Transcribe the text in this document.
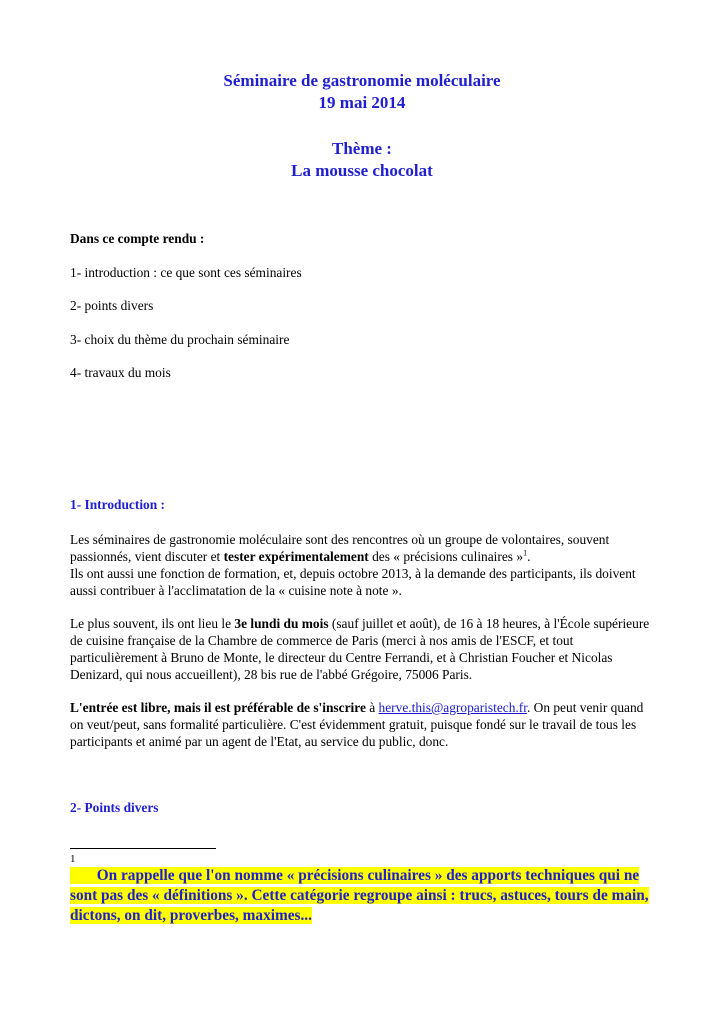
Séminaire de gastronomie moléculaire
19 mai 2014
Thème :
La mousse chocolat
Dans ce compte rendu :
1- introduction : ce que sont ces séminaires
2- points divers
3- choix du thème du prochain séminaire
4- travaux du mois
1- Introduction :
Les séminaires de gastronomie moléculaire sont des rencontres où un groupe de volontaires, souvent passionnés, vient discuter et tester expérimentalement des « précisions culinaires »$^1$.
Ils ont aussi une fonction de formation, et, depuis octobre 2013, à la demande des participants, ils doivent aussi contribuer à l'acclimatation de la « cuisine note à note ».
Le plus souvent, ils ont lieu le 3e lundi du mois (sauf juillet et août), de 16 à 18 heures, à l'École supérieure de cuisine française de la Chambre de commerce de Paris (merci à nos amis de l'ESCF, et tout particulièrement à Bruno de Monte, le directeur du Centre Ferrandi, et à Christian Foucher et Nicolas Denizard, qui nous accueillent), 28 bis rue de l'abbé Grégoire, 75006 Paris.
L'entrée est libre, mais il est préférable de s'inscrire à herve.this@agroparistech.fr. On peut venir quand on veut/peut, sans formalité particulière. C'est évidemment gratuit, puisque fondé sur le travail de tous les participants et animé par un agent de l'Etat, au service du public, donc.
2- Points divers
1
On rappelle que l'on nomme « précisions culinaires » des apports techniques qui ne sont pas des « définitions ». Cette catégorie regroupe ainsi : trucs, astuces, tours de main, dictons, on dit, proverbes, maximes...
